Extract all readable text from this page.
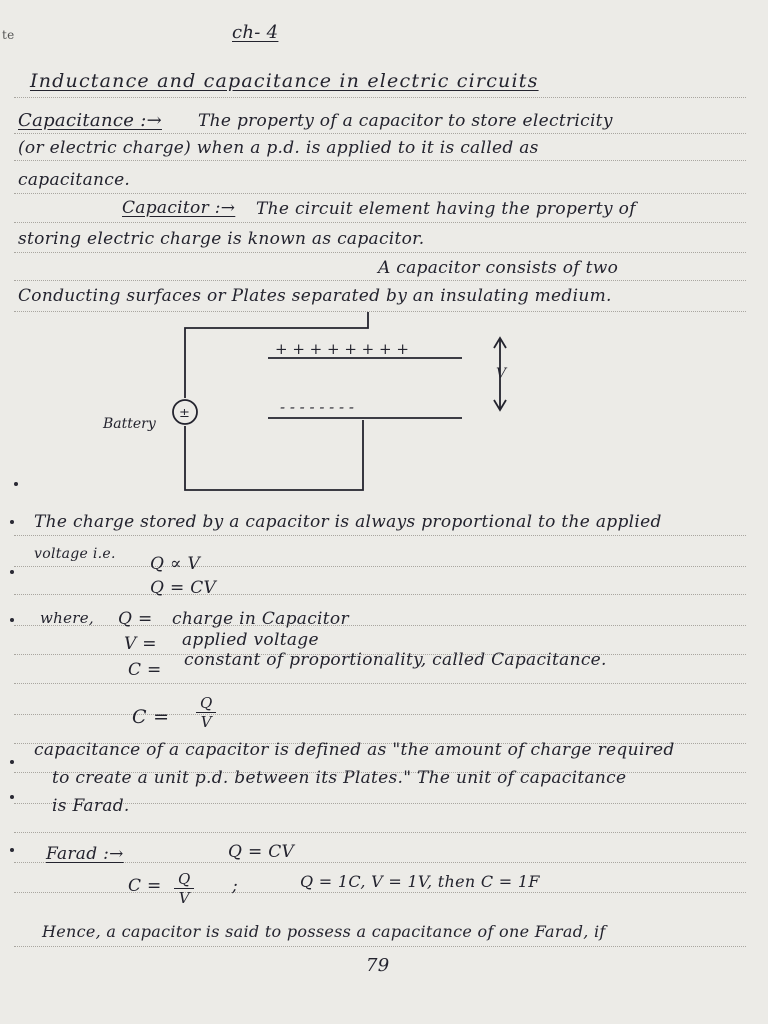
te	ch- 4
Inductance and capacitance in electric circuits
Capacitance :→ The property of a capacitor to store electricity
(or electric charge) when a p.d. is applied to it is called as
capacitance.
Capacitor :→ The circuit element having the property of
storing electric charge is known as capacitor.
A capacitor consists of two
Conducting surfaces or Plates separated by an insulating medium.
+ + + + + + + +
- - - - - - - -
V
Battery
±
The charge stored by a capacitor is always proportional to the applied
voltage i.e. Q ∝ V
Q = CV
where, Q = charge in Capacitor
V = applied voltage
C = constant of proportionality, called Capacitance.
$C = \frac{Q}{V}$
capacitance of a capacitor is defined as "the amount of charge required
to create a unit p.d. between its Plates." The unit of capacitance
is Farad.
Farad :→	Q = CV
$C = \frac{Q}{V}$ ;	Q = 1C, V = 1V, then C = 1F
Hence, a capacitor is said to possess a capacitance of one Farad, if
79
